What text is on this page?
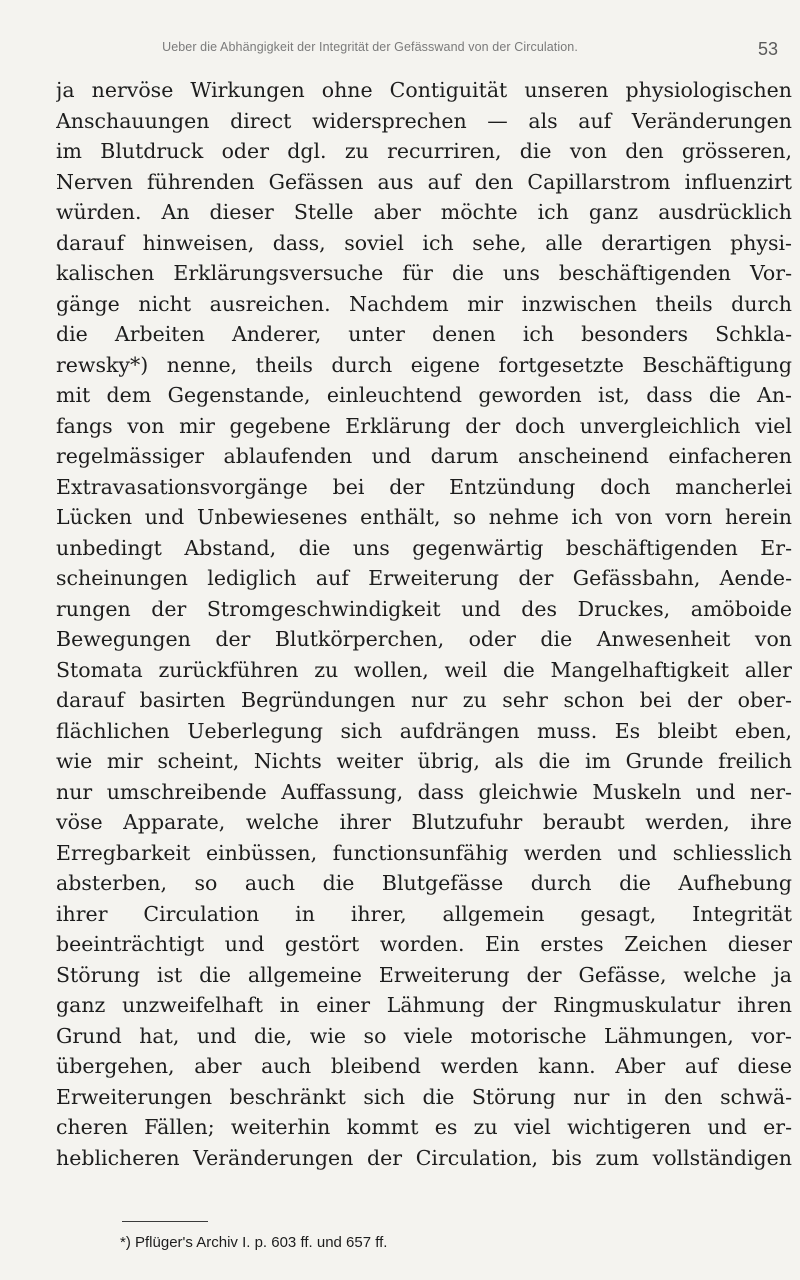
Ueber die Abhängigkeit der Integrität der Gefässwand von der Circulation.	53
ja nervöse Wirkungen ohne Contiguität unseren physiologischen
Anschauungen direct widersprechen — als auf Veränderungen
im Blutdruck oder dgl. zu recurriren, die von den grösseren,
Nerven führenden Gefässen aus auf den Capillarstrom influenzirt
würden. An dieser Stelle aber möchte ich ganz ausdrücklich
darauf hinweisen, dass, soviel ich sehe, alle derartigen physi-
kalischen Erklärungsversuche für die uns beschäftigenden Vor-
gänge nicht ausreichen. Nachdem mir inzwischen theils durch
die Arbeiten Anderer, unter denen ich besonders Schkla-
rewsky*) nenne, theils durch eigene fortgesetzte Beschäftigung
mit dem Gegenstande, einleuchtend geworden ist, dass die An-
fangs von mir gegebene Erklärung der doch unvergleichlich viel
regelmässiger ablaufenden und darum anscheinend einfacheren
Extravasationsvorgänge bei der Entzündung doch mancherlei
Lücken und Unbewiesenes enthält, so nehme ich von vorn herein
unbedingt Abstand, die uns gegenwärtig beschäftigenden Er-
scheinungen lediglich auf Erweiterung der Gefässbahn, Aende-
rungen der Stromgeschwindigkeit und des Druckes, amöboide
Bewegungen der Blutkörperchen, oder die Anwesenheit von
Stomata zurückführen zu wollen, weil die Mangelhaftigkeit aller
darauf basirten Begründungen nur zu sehr schon bei der ober-
flächlichen Ueberlegung sich aufdrängen muss. Es bleibt eben,
wie mir scheint, Nichts weiter übrig, als die im Grunde freilich
nur umschreibende Auffassung, dass gleichwie Muskeln und ner-
vöse Apparate, welche ihrer Blutzufuhr beraubt werden, ihre
Erregbarkeit einbüssen, functionsunfähig werden und schliesslich
absterben, so auch die Blutgefässe durch die Aufhebung
ihrer Circulation in ihrer, allgemein gesagt, Integrität
beeinträchtigt und gestört worden. Ein erstes Zeichen dieser
Störung ist die allgemeine Erweiterung der Gefässe, welche ja
ganz unzweifelhaft in einer Lähmung der Ringmuskulatur ihren
Grund hat, und die, wie so viele motorische Lähmungen, vor-
übergehen, aber auch bleibend werden kann. Aber auf diese
Erweiterungen beschränkt sich die Störung nur in den schwä-
cheren Fällen; weiterhin kommt es zu viel wichtigeren und er-
heblicheren Veränderungen der Circulation, bis zum vollständigen
*) Pflüger's Archiv I. p. 603 ff. und 657 ff.
